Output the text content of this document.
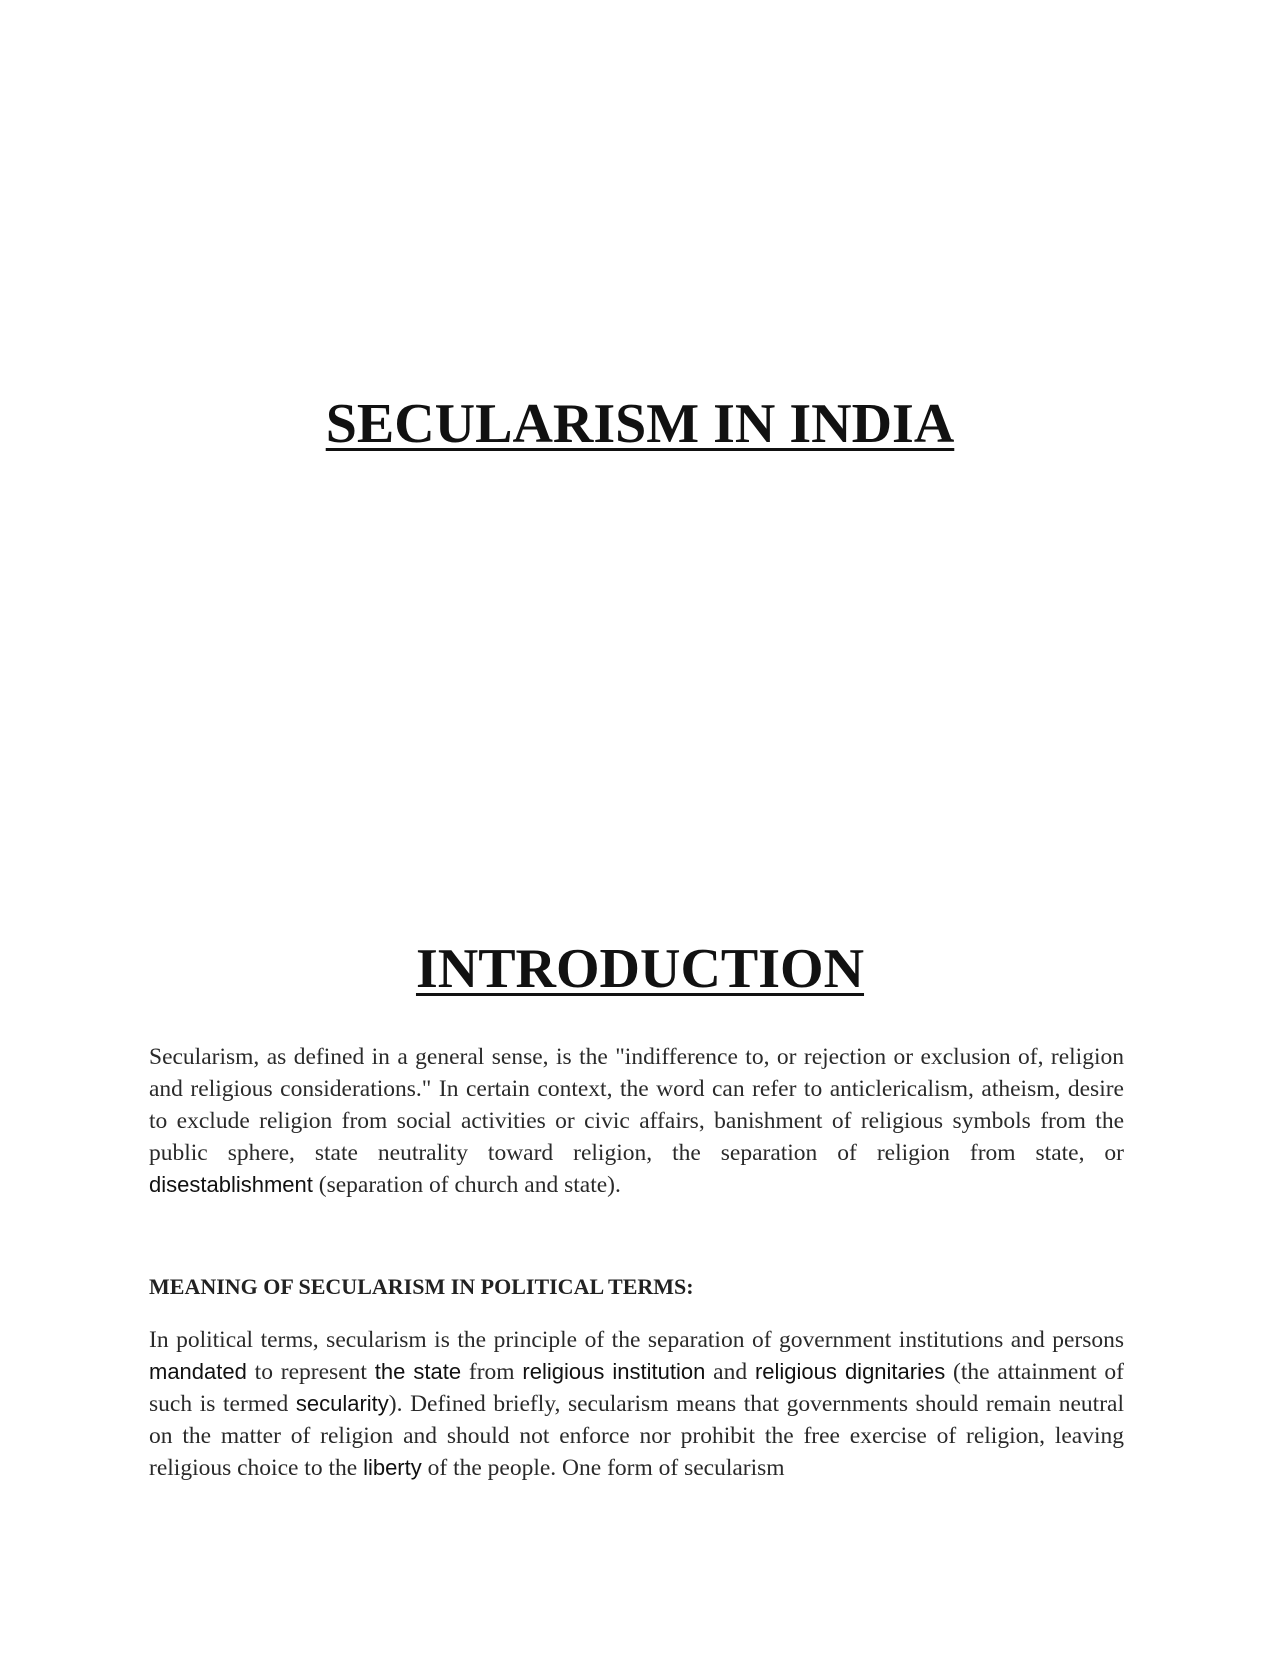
SECULARISM IN INDIA
INTRODUCTION

Secularism, as defined in a general sense, is the "indifference to, or rejection or exclusion of, religion and religious considerations." In certain context, the word can refer to anticlericalism, atheism, desire to exclude religion from social activities or civic affairs, banishment of religious symbols from the public sphere, state neutrality toward religion, the separation of religion from state, or disestablishment (separation of church and state).

MEANING OF SECULARISM IN POLITICAL TERMS:

In political terms, secularism is the principle of the separation of government institutions and persons mandated to represent the state from religious institution and religious dignitaries (the attainment of such is termed secularity). Defined briefly, secularism means that governments should remain neutral on the matter of religion and should not enforce nor prohibit the free exercise of religion, leaving religious choice to the liberty of the people. One form of secularism
